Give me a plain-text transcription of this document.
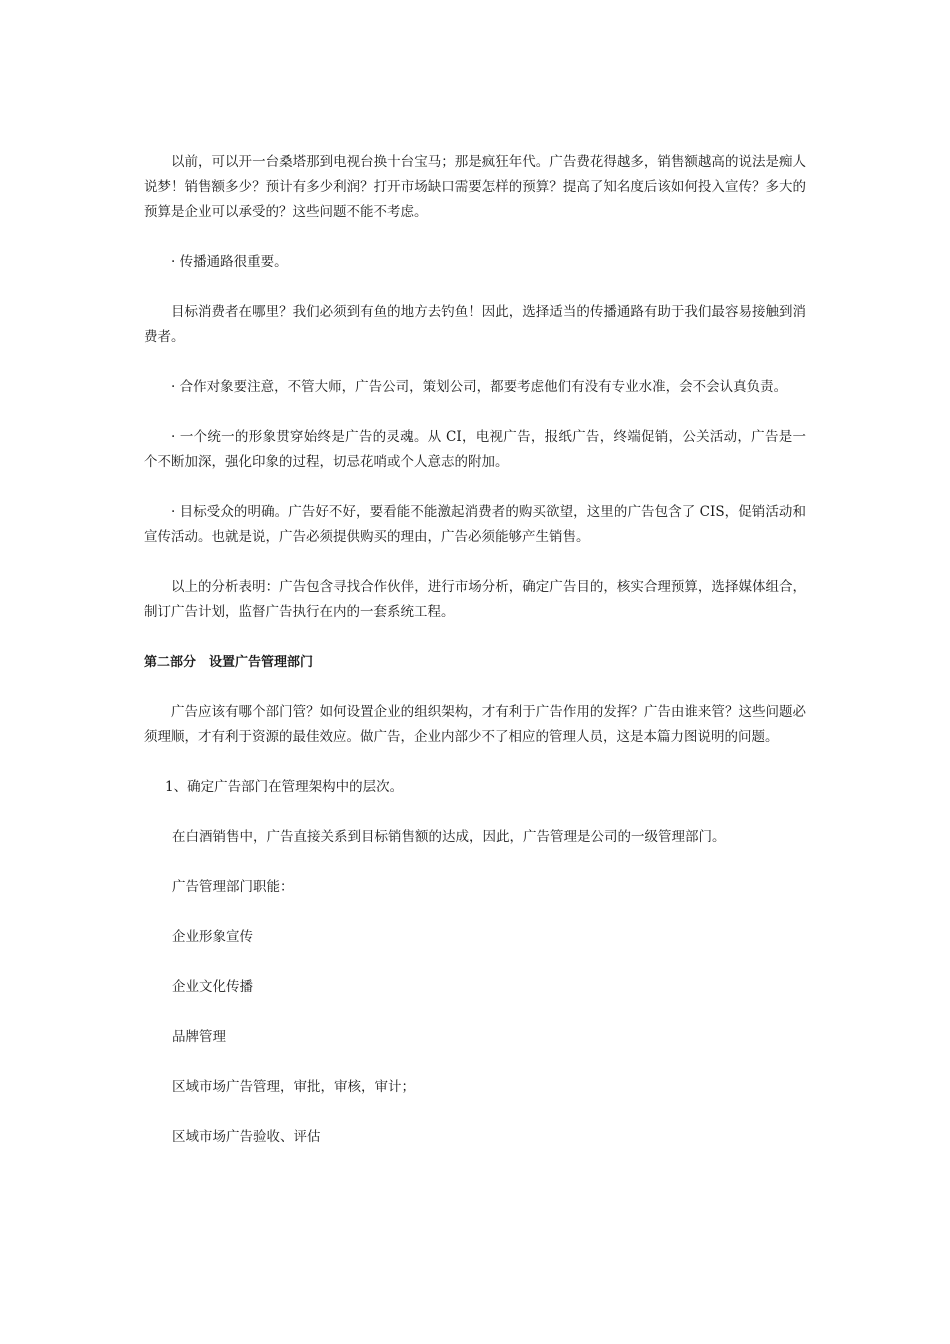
以前，可以开一台桑塔那到电视台换十台宝马；那是疯狂年代。广告费花得越多，销售额越高的说法是痴人说梦！销售额多少？预计有多少利润？打开市场缺口需要怎样的预算？提高了知名度后该如何投入宣传？多大的预算是企业可以承受的？这些问题不能不考虑。

· 传播通路很重要。

目标消费者在哪里？我们必须到有鱼的地方去钓鱼！因此，选择适当的传播通路有助于我们最容易接触到消费者。

· 合作对象要注意，不管大师，广告公司，策划公司，都要考虑他们有没有专业水准，会不会认真负责。

· 一个统一的形象贯穿始终是广告的灵魂。从 CI，电视广告，报纸广告，终端促销，公关活动，广告是一个不断加深，强化印象的过程，切忌花哨或个人意志的附加。

· 目标受众的明确。广告好不好，要看能不能激起消费者的购买欲望，这里的广告包含了 CIS，促销活动和宣传活动。也就是说，广告必须提供购买的理由，广告必须能够产生销售。

以上的分析表明：广告包含寻找合作伙伴，进行市场分析，确定广告目的，核实合理预算，选择媒体组合，制订广告计划，监督广告执行在内的一套系统工程。

第二部分　设置广告管理部门

广告应该有哪个部门管？如何设置企业的组织架构，才有利于广告作用的发挥？广告由谁来管？这些问题必须理顺，才有利于资源的最佳效应。做广告，企业内部少不了相应的管理人员，这是本篇力图说明的问题。

1、确定广告部门在管理架构中的层次。
在白酒销售中，广告直接关系到目标销售额的达成，因此，广告管理是公司的一级管理部门。
广告管理部门职能：
企业形象宣传
企业文化传播
品牌管理
区域市场广告管理，审批，审核，审计；
区域市场广告验收、评估
